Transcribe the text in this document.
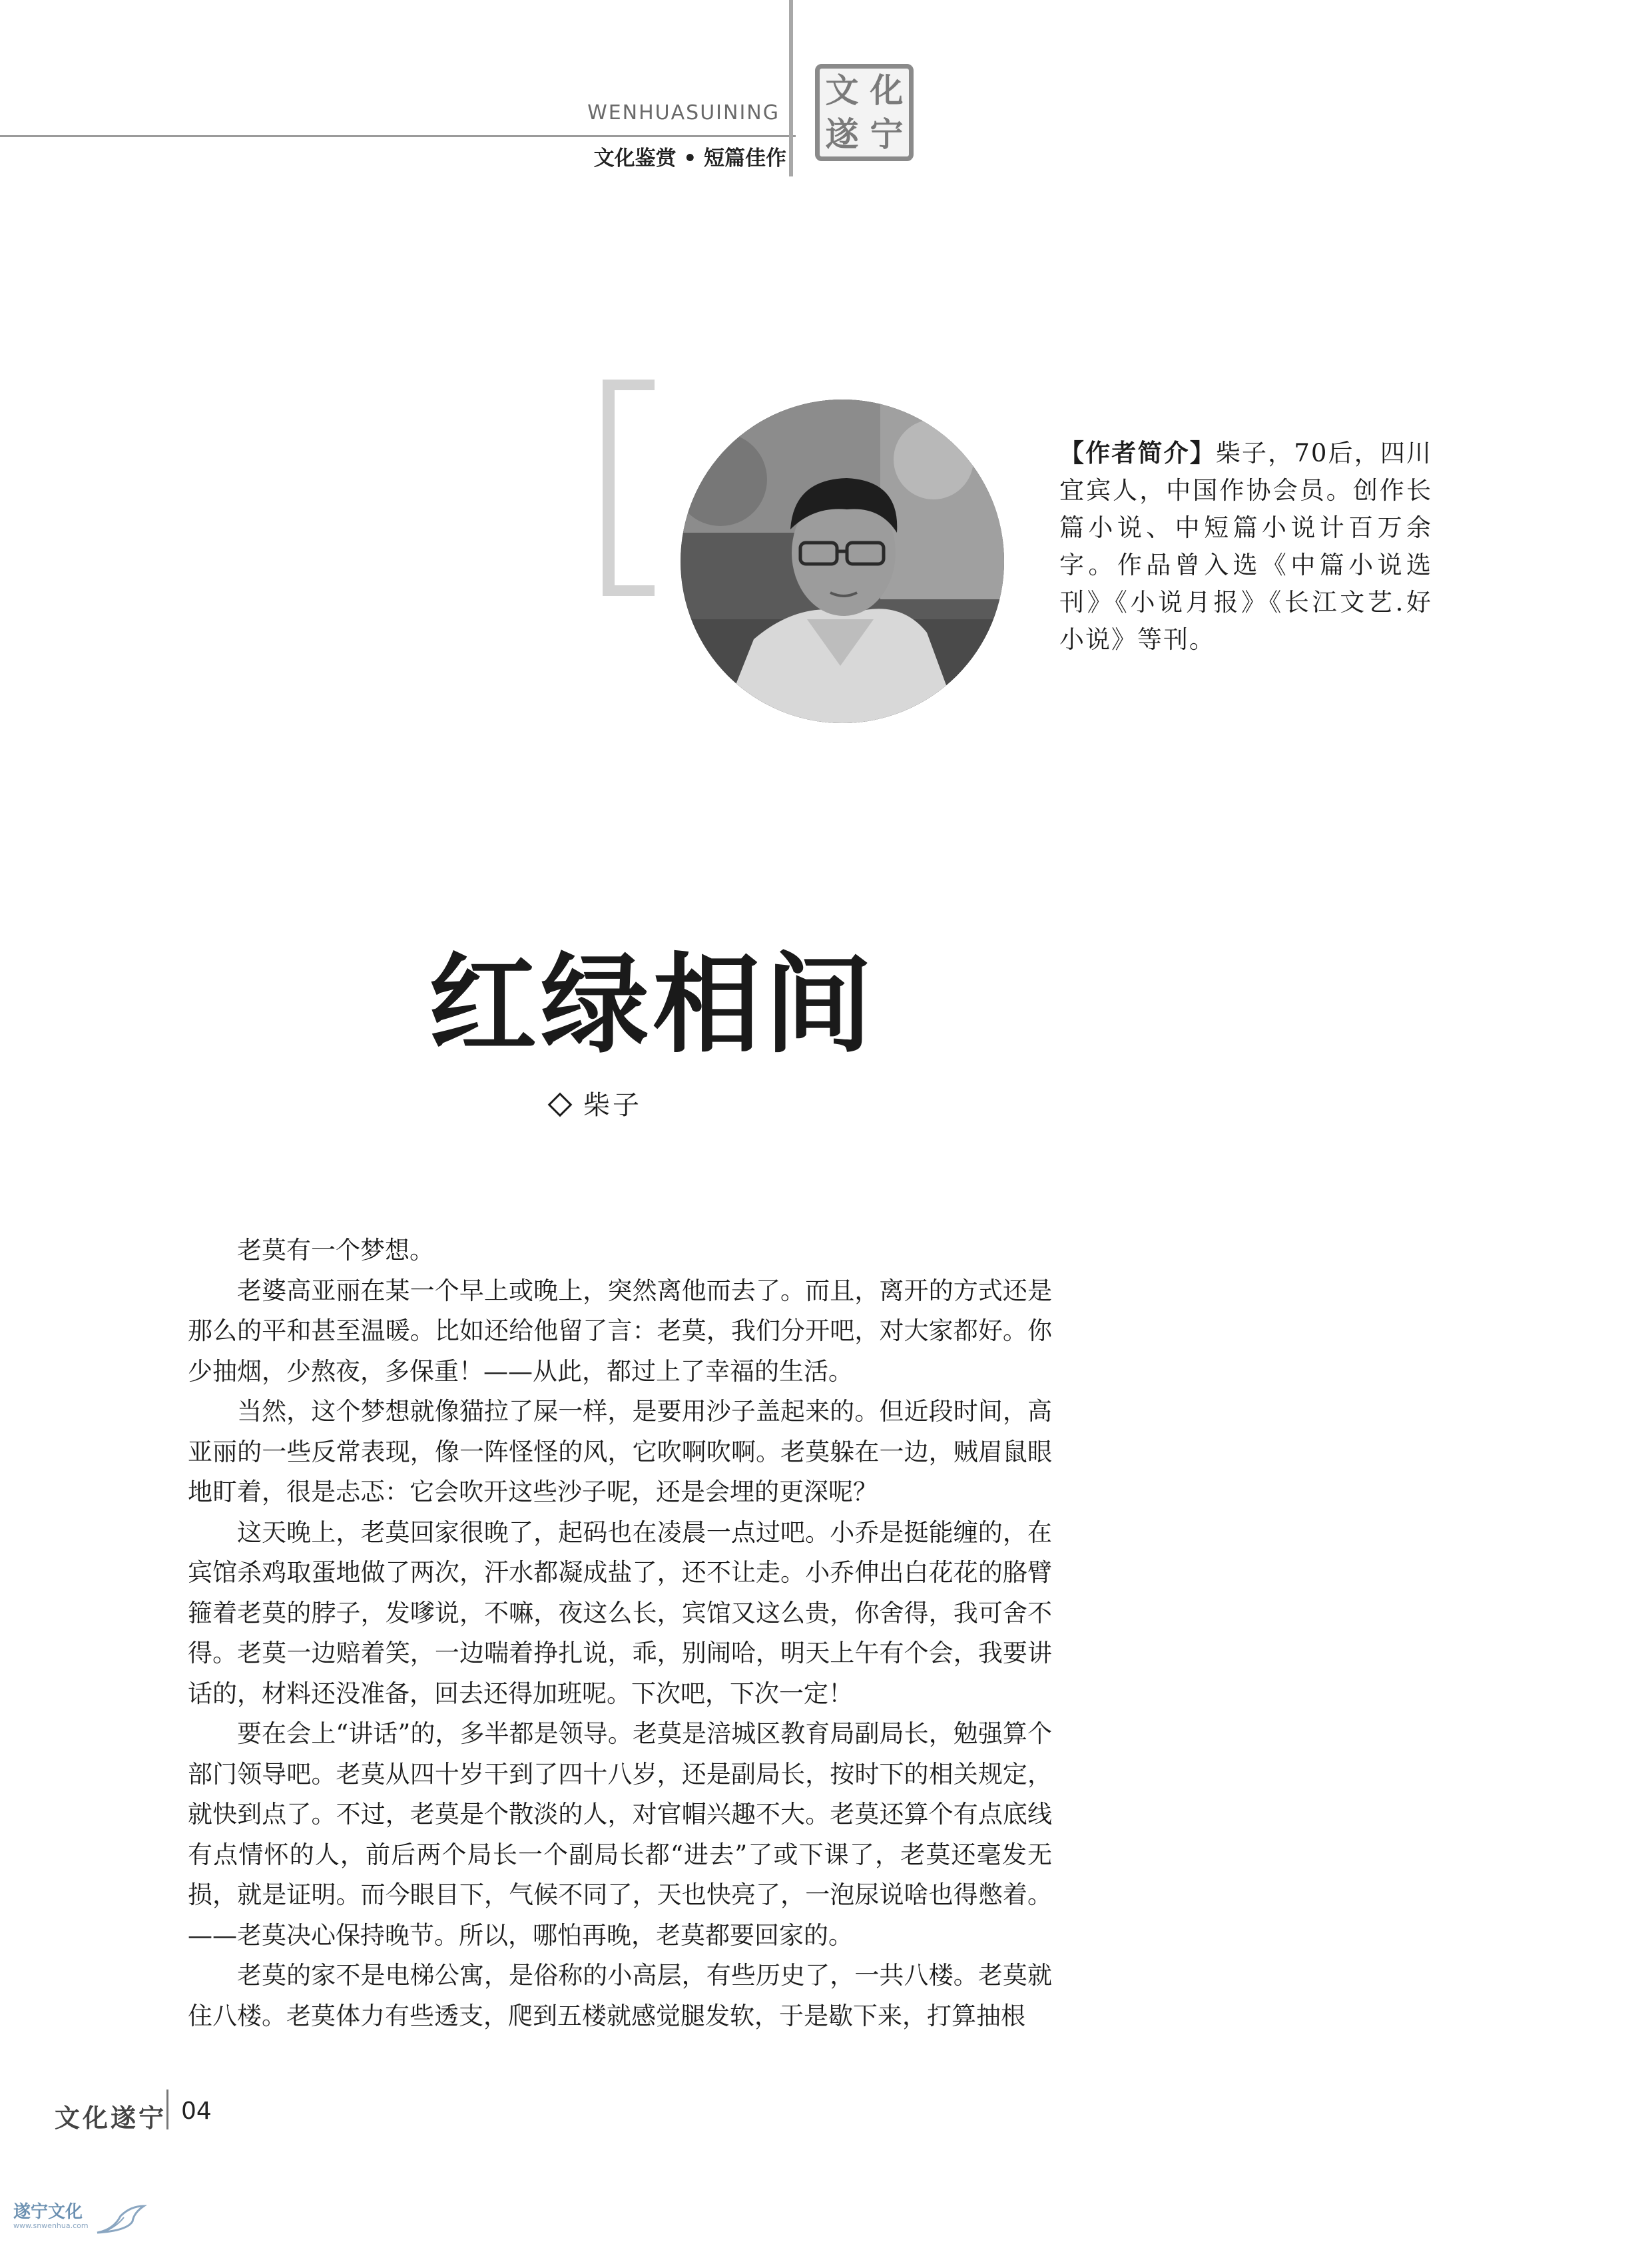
WENHUASUINING
文化鉴赏 • 短篇佳作
文 化
遂 宁
【作者简介】柴子，70后，四川宜宾人，中国作协会员。创作长篇小说、中短篇小说计百万余字。作品曾入选《中篇小说选刊》《小说月报》《长江文艺.好小说》等刊。
红绿相间
柴子

老莫有一个梦想。

老婆高亚丽在某一个早上或晚上，突然离他而去了。而且，离开的方式还是那么的平和甚至温暖。比如还给他留了言：老莫，我们分开吧，对大家都好。你少抽烟，少熬夜，多保重！——从此，都过上了幸福的生活。

当然，这个梦想就像猫拉了屎一样，是要用沙子盖起来的。但近段时间，高亚丽的一些反常表现，像一阵怪怪的风，它吹啊吹啊。老莫躲在一边，贼眉鼠眼地盯着，很是忐忑：它会吹开这些沙子呢，还是会埋的更深呢？

这天晚上，老莫回家很晚了，起码也在凌晨一点过吧。小乔是挺能缠的，在宾馆杀鸡取蛋地做了两次，汗水都凝成盐了，还不让走。小乔伸出白花花的胳臂箍着老莫的脖子，发嗲说，不嘛，夜这么长，宾馆又这么贵，你舍得，我可舍不得。老莫一边赔着笑，一边喘着挣扎说，乖，别闹哈，明天上午有个会，我要讲话的，材料还没准备，回去还得加班呢。下次吧，下次一定！

要在会上“讲话”的，多半都是领导。老莫是涪城区教育局副局长，勉强算个部门领导吧。老莫从四十岁干到了四十八岁，还是副局长，按时下的相关规定，就快到点了。不过，老莫是个散淡的人，对官帽兴趣不大。老莫还算个有点底线有点情怀的人，前后两个局长一个副局长都“进去”了或下课了，老莫还毫发无损，就是证明。而今眼目下，气候不同了，天也快亮了，一泡尿说啥也得憋着。——老莫决心保持晚节。所以，哪怕再晚，老莫都要回家的。

老莫的家不是电梯公寓，是俗称的小高层，有些历史了，一共八楼。老莫就住八楼。老莫体力有些透支，爬到五楼就感觉腿发软，于是歇下来，打算抽根

文化遂宁 04
遂宁文化
www.snwenhua.com
